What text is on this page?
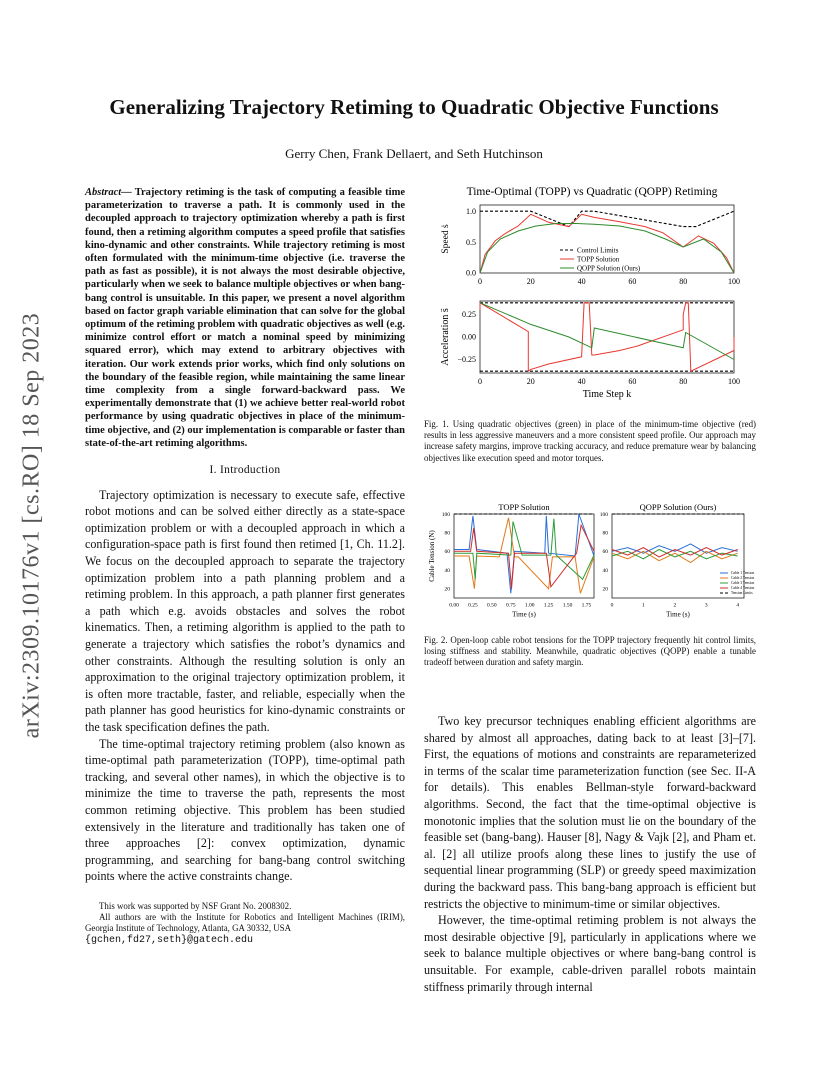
Generalizing Trajectory Retiming to Quadratic Objective Functions
Gerry Chen, Frank Dellaert, and Seth Hutchinson
arXiv:2309.10176v1 [cs.RO] 18 Sep 2023
Abstract— Trajectory retiming is the task of computing a feasible time parameterization to traverse a path. It is commonly used in the decoupled approach to trajectory optimization whereby a path is first found, then a retiming algorithm computes a speed profile that satisfies kino-dynamic and other constraints. While trajectory retiming is most often formulated with the minimum-time objective (i.e. traverse the path as fast as possible), it is not always the most desirable objective, particularly when we seek to balance multiple objectives or when bang-bang control is unsuitable. In this paper, we present a novel algorithm based on factor graph variable elimination that can solve for the global optimum of the retiming problem with quadratic objectives as well (e.g. minimize control effort or match a nominal speed by minimizing squared error), which may extend to arbitrary objectives with iteration. Our work extends prior works, which find only solutions on the boundary of the feasible region, while maintaining the same linear time complexity from a single forward-backward pass. We experimentally demonstrate that (1) we achieve better real-world robot performance by using quadratic objectives in place of the minimum-time objective, and (2) our implementation is comparable or faster than state-of-the-art retiming algorithms.
I. Introduction

Trajectory optimization is necessary to execute safe, effective robot motions and can be solved either directly as a state-space optimization problem or with a decoupled approach in which a configuration-space path is first found then retimed [1, Ch. 11.2]. We focus on the decoupled approach to separate the trajectory optimization problem into a path planning problem and a retiming problem. In this approach, a path planner first generates a path which e.g. avoids obstacles and solves the robot kinematics. Then, a retiming algorithm is applied to the path to generate a trajectory which satisfies the robot’s dynamics and other constraints. Although the resulting solution is only an approximation to the original trajectory optimization problem, it is often more tractable, faster, and reliable, especially when the path planner has good heuristics for kino-dynamic constraints or the task specification defines the path.

The time-optimal trajectory retiming problem (also known as time-optimal path parameterization (TOPP), time-optimal path tracking, and several other names), in which the objective is to minimize the time to traverse the path, represents the most common retiming objective. This problem has been studied extensively in the literature and traditionally has taken one of three approaches [2]: convex optimization, dynamic programming, and searching for bang-bang control switching points where the active constraints change.

This work was supported by NSF Grant No. 2008302.

All authors are with the Institute for Robotics and Intelligent Machines (IRIM), Georgia Institute of Technology, Atlanta, GA 30332, USA

{gchen,fd27,seth}@gatech.edu
Time-Optimal (TOPP) vs Quadratic (QOPP) Retiming
0	20	40	60	80	100
0.0
0.5
1.0
Speed ṡ	Control Limits
TOPP Solution
QOPP Solution (Ours)
0	20	40	60	80	100
−0.25
0.00
0.25
Acceleration s̈
Time Step k
Fig. 1. Using quadratic objectives (green) in place of the minimum-time objective (red) results in less aggressive maneuvers and a more consistent speed profile. Our approach may increase safety margins, improve tracking accuracy, and reduce premature wear by balancing objectives like execution speed and motor torques.
TOPP Solution
0.00 0.25 0.50 0.75 1.00 1.25 1.50 1.75
20
40
60
80
100
Cable Tension (N)
Time (s)
QOPP Solution (Ours)
0	1	2	3	4
20
40
60
80
100
Time (s)
Cable 1 Tension
Cable 2 Tension
Cable 3 Tension
Cable 4 Tension
Tension Limits
Fig. 2. Open-loop cable robot tensions for the TOPP trajectory frequently hit control limits, losing stiffness and stability. Meanwhile, quadratic objectives (QOPP) enable a tunable tradeoff between duration and safety margin.

Two key precursor techniques enabling efficient algorithms are shared by almost all approaches, dating back to at least [3]–[7]. First, the equations of motions and constraints are reparameterized in terms of the scalar time parameterization function (see Sec. II-A for details). This enables Bellman-style forward-backward algorithms. Second, the fact that the time-optimal objective is monotonic implies that the solution must lie on the boundary of the feasible set (bang-bang). Hauser [8], Nagy & Vajk [2], and Pham et. al. [2] all utilize proofs along these lines to justify the use of sequential linear programming (SLP) or greedy speed maximization during the backward pass. This bang-bang approach is efficient but restricts the objective to minimum-time or similar objectives.

However, the time-optimal retiming problem is not always the most desirable objective [9], particularly in applications where we seek to balance multiple objectives or where bang-bang control is unsuitable. For example, cable-driven parallel robots maintain stiffness primarily through internal
